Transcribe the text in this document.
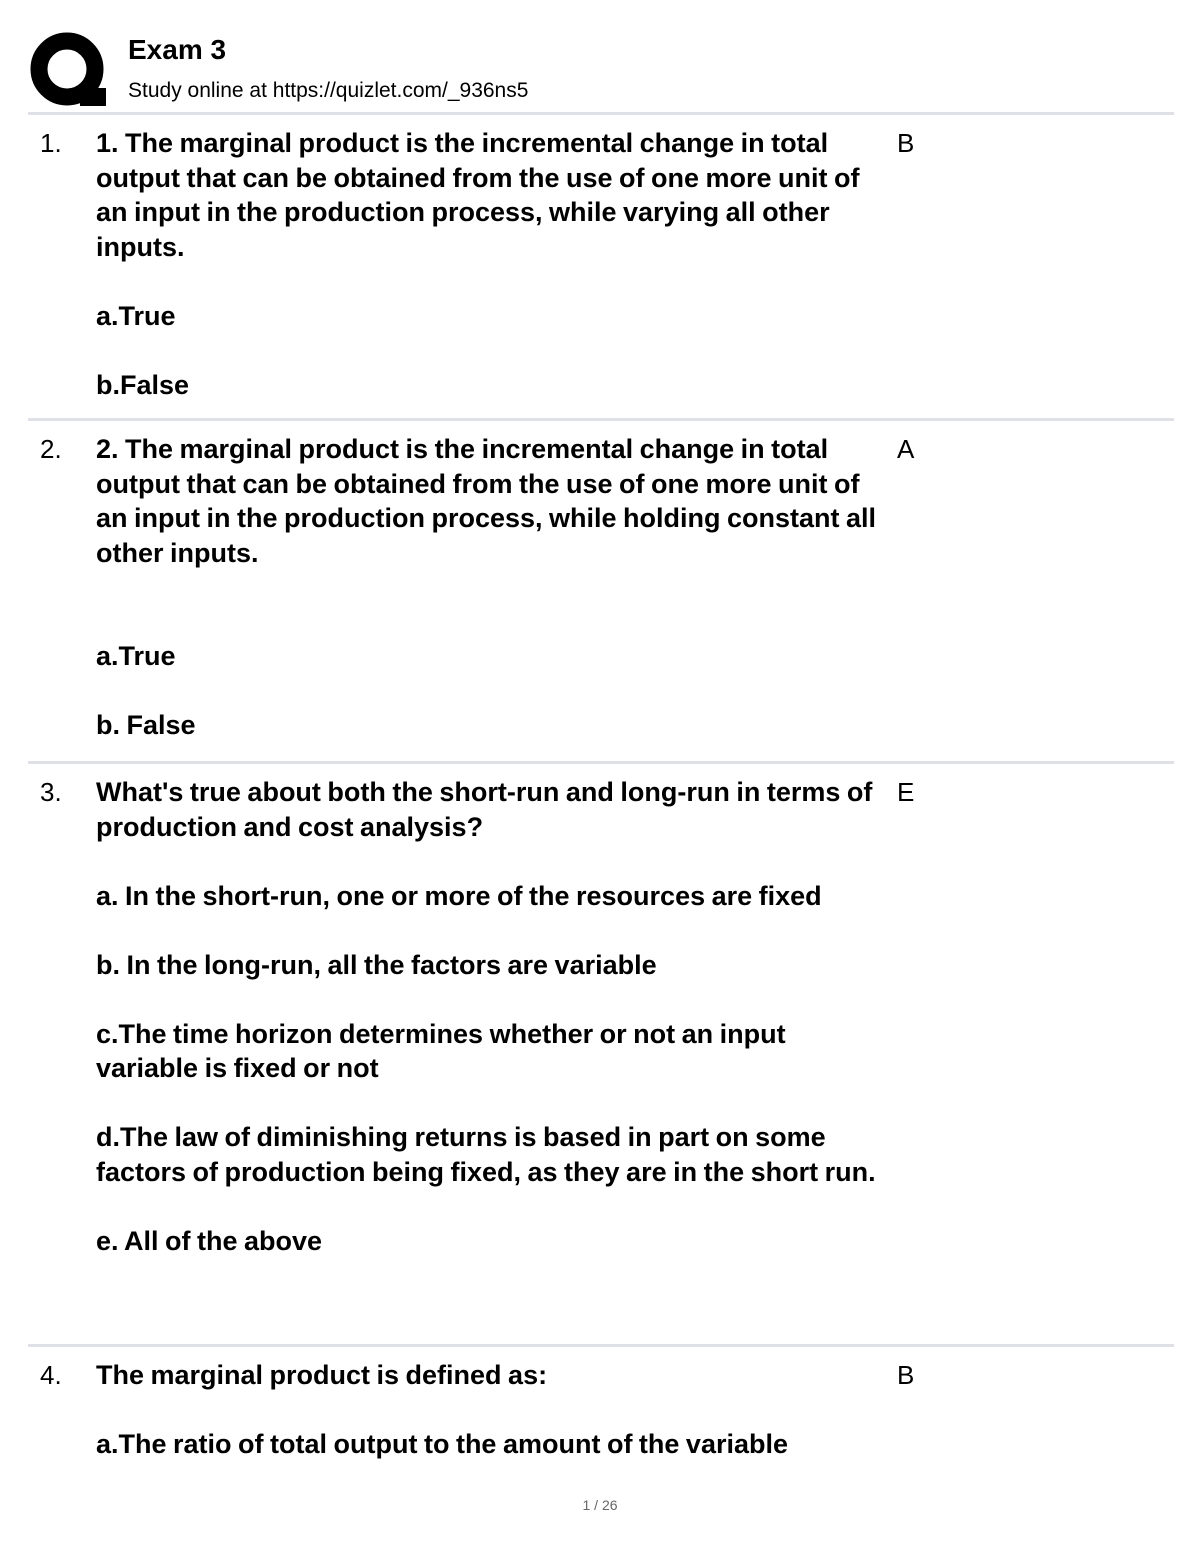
Exam 3
Study online at https://quizlet.com/_936ns5
1. 1. The marginal product is the incremental change in total output that can be obtained from the use of one more unit of an input in the production process, while varying all other inputs.

a.True

b.False
B
2. 2. The marginal product is the incremental change in total output that can be obtained from the use of one more unit of an input in the production process, while holding constant all other inputs.

a.True

b. False
A
3. What's true about both the short-run and long-run in terms of production and cost analysis?

a. In the short-run, one or more of the resources are fixed

b. In the long-run, all the factors are variable

c.The time horizon determines whether or not an input variable is fixed or not

d.The law of diminishing returns is based in part on some factors of production being fixed, as they are in the short run.

e. All of the above
E
4. The marginal product is defined as:

a.The ratio of total output to the amount of the variable
B
1 / 26
